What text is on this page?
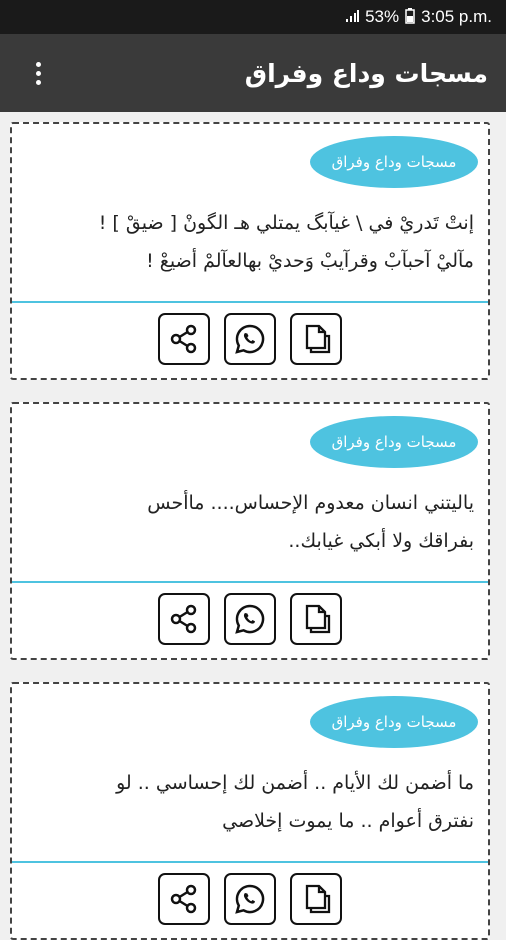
53% 3:05 p.m.
مسجات وداع وفراق
مسجات وداع وفراق
إنتْ تَدريْ في \ غيآبگ يمتلي هـ الگونْ [ ضيقْ ] !
مآليْ آحبآبْ وقرآيبْ وَحديْ بهالعآلمْ أضيعْ !
مسجات وداع وفراق
ياليتني انسان معدوم الإحساس.... ماأحس
بفراقك ولا أبكي غيابك..
مسجات وداع وفراق
ما أضمن لك الأيام .. أضمن لك إحساسي .. لو
نفترق أعوام .. ما يموت إخلاصي
